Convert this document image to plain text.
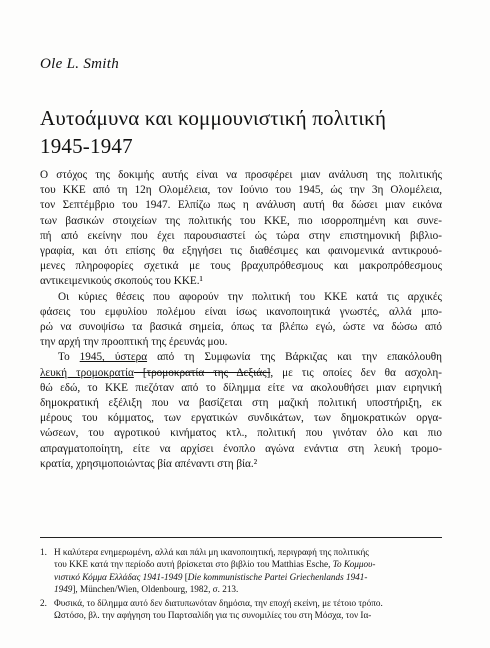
Ole L. Smith
Αυτοάμυνα και κομμουνιστική πολιτική
1945-1947

Ο στόχος της δοκιμής αυτής είναι να προσφέρει μιαν ανάλυση της πολιτικής
του ΚΚΕ από τη 12η Ολομέλεια, τον Ιούνιο του 1945, ώς την 3η Ολομέλεια,
τον Σεπτέμβριο του 1947. Ελπίζω πως η ανάλυση αυτή θα δώσει μιαν εικόνα
των βασικών στοιχείων της πολιτικής του ΚΚΕ, πιο ισορροπημένη και συνε-
πή από εκείνην που έχει παρουσιαστεί ώς τώρα στην επιστημονική βιβλιο-
γραφία, και ότι επίσης θα εξηγήσει τις διαθέσιμες και φαινομενικά αντικρουό-
μενες πληροφορίες σχετικά με τους βραχυπρόθεσμους και μακροπρόθεσμους
αντικειμενικούς σκοπούς του ΚΚΕ.¹

Οι κύριες θέσεις που αφορούν την πολιτική του ΚΚΕ κατά τις αρχικές
φάσεις του εμφυλίου πολέμου είναι ίσως ικανοποιητικά γνωστές, αλλά μπο-
ρώ να συνοψίσω τα βασικά σημεία, όπως τα βλέπω εγώ, ώστε να δώσω από
την αρχή την προοπτική της έρευνάς μου.

Το 1945, ύστερα από τη Συμφωνία της Βάρκιζας και την επακόλουθη
λευκή τρομοκρατία [τρομοκρατία της Δεξιάς], με τις οποίες δεν θα ασχολη-
θώ εδώ, το ΚΚΕ πιεζόταν από το δίλημμα είτε να ακολουθήσει μιαν ειρηνική
δημοκρατική εξέλιξη που να βασίζεται στη μαζική πολιτική υποστήριξη, εκ
μέρους του κόμματος, των εργατικών συνδικάτων, των δημοκρατικών οργα-
νώσεων, του αγροτικού κινήματος κτλ., πολιτική που γινόταν όλο και πιο
απραγματοποίητη, είτε να αρχίσει ένοπλο αγώνα ενάντια στη λευκή τρομο-
κρατία, χρησιμοποιώντας βία απέναντι στη βία.²

1. Η καλύτερα ενημερωμένη, αλλά και πάλι μη ικανοποιητική, περιγραφή της πολιτικής
του ΚΚΕ κατά την περίοδο αυτή βρίσκεται στο βιβλίο του Matthias Esche, Το Κομμου-
νιστικό Κόμμα Ελλάδας 1941-1949 [Die kommunistische Partei Griechenlands 1941-
1949], München/Wien, Oldenbourg, 1982, σ. 213.
2. Φυσικά, το δίλημμα αυτό δεν διατυπωνόταν δημόσια, την εποχή εκείνη, με τέτοιο τρόπο.
Ωστόσο, βλ. την αφήγηση του Παρτσαλίδη για τις συνομιλίες του στη Μόσχα, τον Ια-
